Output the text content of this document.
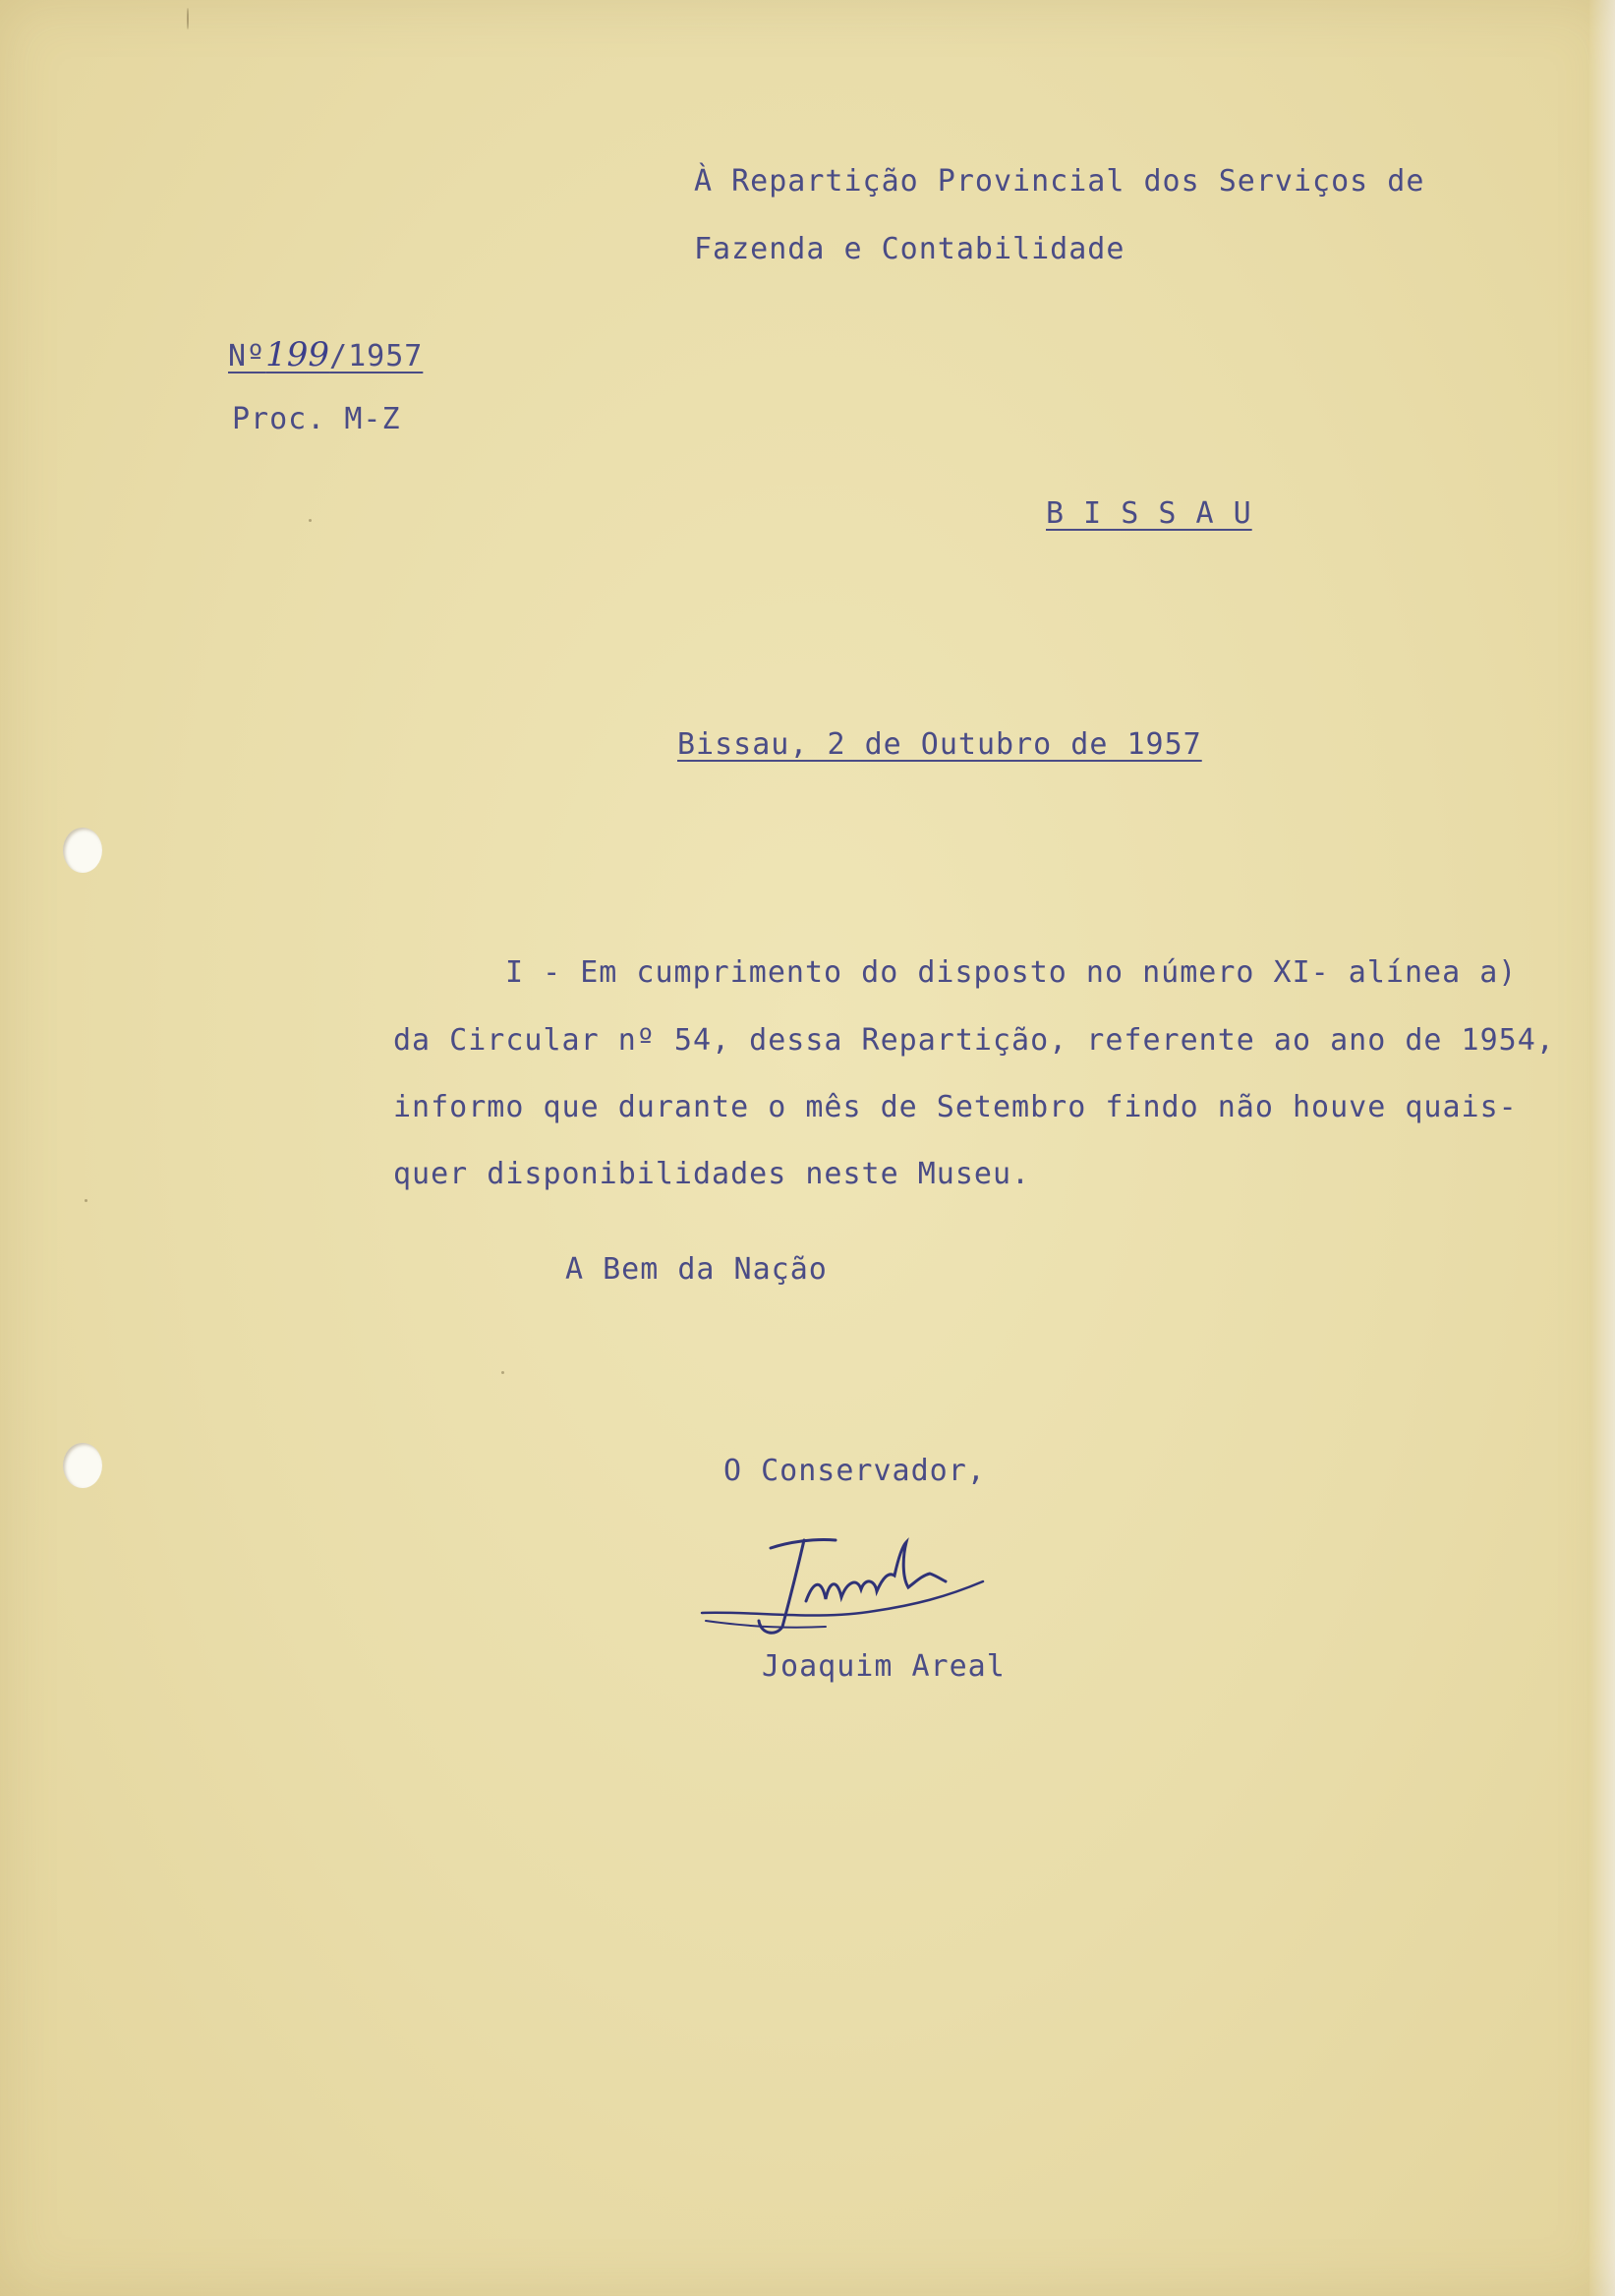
À Repartição Provincial dos Serviços de
Fazenda e Contabilidade
Nº199/1957
Proc. M-Z
B I S S A U
Bissau, 2 de Outubro de 1957
I - Em cumprimento do disposto no número XI- alínea a)
da Circular nº 54, dessa Repartição, referente ao ano de 1954,
informo que durante o mês de Setembro findo não houve quais-
quer disponibilidades neste Museu.
A Bem da Nação
O Conservador,
Joaquim Areal
